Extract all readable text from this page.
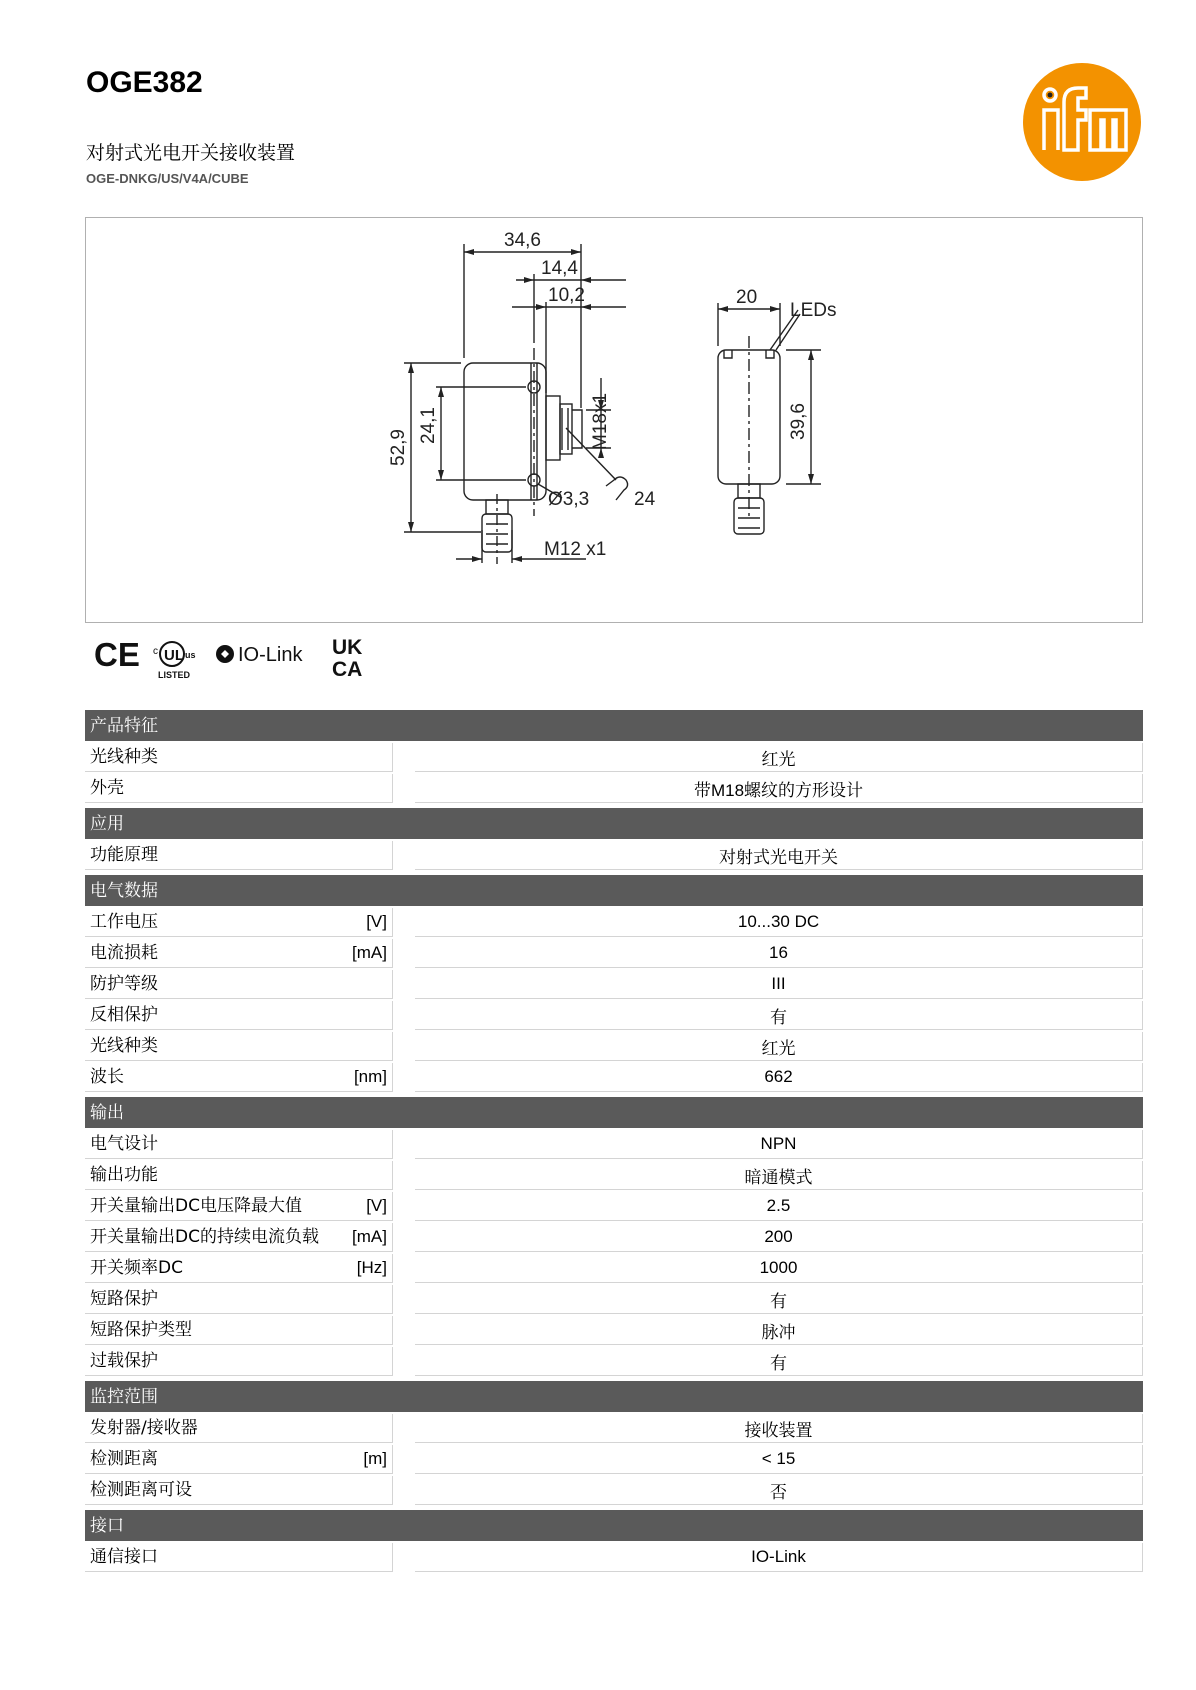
OGE382
对射式光电开关接收装置
OGE-DNKG/US/V4A/CUBE
34,6
14,4
10,2
52,9
24,1	M18x1
Ø3,3 24
M12 x1
20
LEDs
39,6
CE UL
c	us
LISTED
IO-Link UK
CA
产品特征
光线种类	红光
外壳	带M18螺纹的方形设计
应用
功能原理	对射式光电开关
电气数据
工作电压	[V]	10...30 DC
电流损耗	[mA]	16
防护等级	III
反相保护	有
光线种类	红光
波长	[nm]	662
输出
电气设计	NPN
输出功能	暗通模式
开关量输出DC电压降最大值	[V]	2.5
开关量输出DC的持续电流负载 [mA]	200
开关频率DC	[Hz]	1000
短路保护	有
短路保护类型	脉冲
过载保护	有
监控范围
发射器/接收器	接收装置
检测距离	[m]	< 15
检测距离可设	否
接口
通信接口	IO-Link
